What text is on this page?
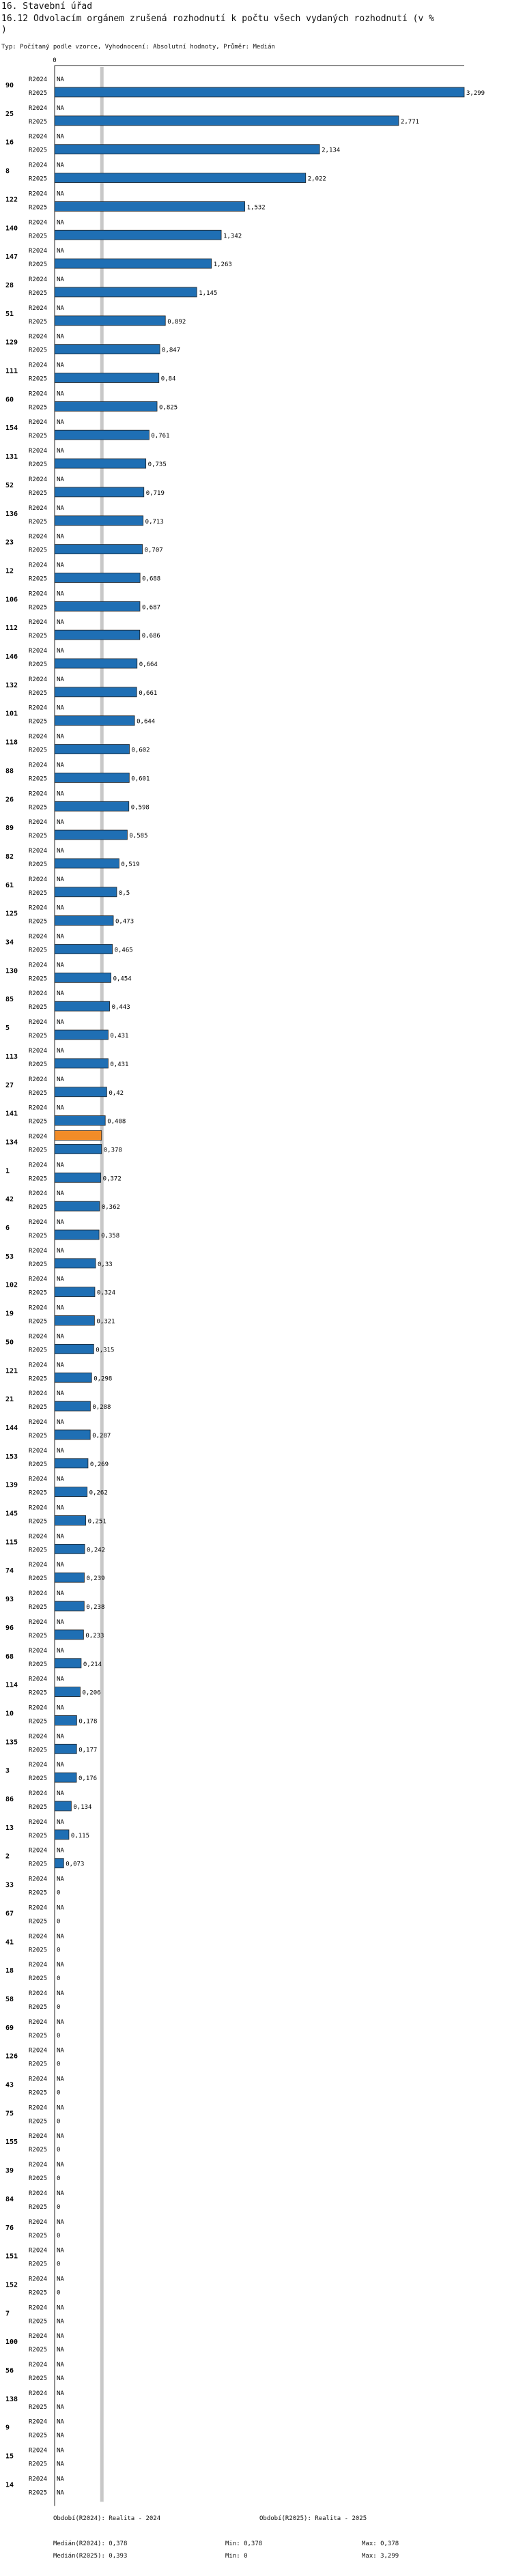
16. Stavební úřad
16.12 Odvolacím orgánem zrušená rozhodnutí k počtu všech vydaných rozhodnutí (v %
)
Typ: Počítaný podle vzorce, Vyhodnocení: Absolutní hodnoty, Průměr: Medián
0
90
R2024
R2025
NA
3,299
25
R2024
R2025
NA
2,771
16
R2024
R2025
NA
2,134
8
R2024
R2025
NA
2,022
122
R2024
R2025
NA
1,532
140
R2024
R2025
NA
1,342
147
R2024
R2025
NA
1,263
28
R2024
R2025
NA
1,145
51
R2024
R2025
NA
0,892
129
R2024
R2025
NA
0,847
111
R2024
R2025
NA
0,84
60
R2024
R2025
NA
0,825
154
R2024
R2025
NA
0,761
131
R2024
R2025
NA
0,735
52
R2024
R2025
NA
0,719
136
R2024
R2025
NA
0,713
23
R2024
R2025
NA
0,707
12
R2024
R2025
NA
0,688
106
R2024
R2025
NA
0,687
112
R2024
R2025
NA
0,686
146
R2024
R2025
NA
0,664
132
R2024
R2025
NA
0,661
101
R2024
R2025
NA
0,644
118
R2024
R2025
NA
0,602
88
R2024
R2025
NA
0,601
26
R2024
R2025
NA
0,598
89
R2024
R2025
NA
0,585
82
R2024
R2025
NA
0,519
61
R2024
R2025
NA
0,5
125
R2024
R2025
NA
0,473
34
R2024
R2025
NA
0,465
130
R2024
R2025
NA
0,454
85
R2024
R2025
NA
0,443
5
R2024
R2025
NA
0,431
113
R2024
R2025
NA
0,431
27
R2024
R2025
NA
0,42
141
R2024
R2025
NA
0,408
134
R2024
R2025	0,378
1
R2024
R2025
NA
0,372
42
R2024
R2025
NA
0,362
6
R2024
R2025
NA
0,358
53
R2024
R2025
NA
0,33
102
R2024
R2025
NA
0,324
19
R2024
R2025
NA
0,321
50
R2024
R2025
NA
0,315
121
R2024
R2025
NA
0,298
21
R2024
R2025
NA
0,288
144
R2024
R2025
NA
0,287
153
R2024
R2025
NA
0,269
139
R2024
R2025
NA
0,262
145
R2024
R2025
NA
0,251
115
R2024
R2025
NA
0,242
74
R2024
R2025
NA
0,239
93
R2024
R2025
NA
0,238
96
R2024
R2025
NA
0,233
68
R2024
R2025
NA
0,214
114
R2024
R2025
NA
0,206
10
R2024
R2025
NA
0,178
135
R2024
R2025
NA
0,177
3
R2024
R2025
NA
0,176
86
R2024
R2025
NA
0,134
13
R2024
R2025
NA
0,115
2
R2024
R2025
NA
0,073
33
R2024
R2025
NA
0
67
R2024
R2025
NA
0
41
R2024
R2025
NA
0
18
R2024
R2025
NA
0
58
R2024
R2025
NA
0
69
R2024
R2025
NA
0
126
R2024
R2025
NA
0
43
R2024
R2025
NA
0
75
R2024
R2025
NA
0
155
R2024
R2025
NA
0
39
R2024
R2025
NA
0
84
R2024
R2025
NA
0
76
R2024
R2025
NA
0
151
R2024
R2025
NA
0
152
R2024
R2025
NA
0
7
R2024
R2025
NA
NA
100
R2024
R2025
NA
NA
56
R2024
R2025
NA
NA
138
R2024
R2025
NA
NA
9
R2024
R2025
NA
NA
15
R2024
R2025
NA
NA
14
R2024
R2025
NA
NA
Období(R2024): Realita - 2024	Období(R2025): Realita - 2025
Medián(R2024): 0,378
Medián(R2025): 0,393
Min: 0,378
Min: 0
Max: 0,378
Max: 3,299
